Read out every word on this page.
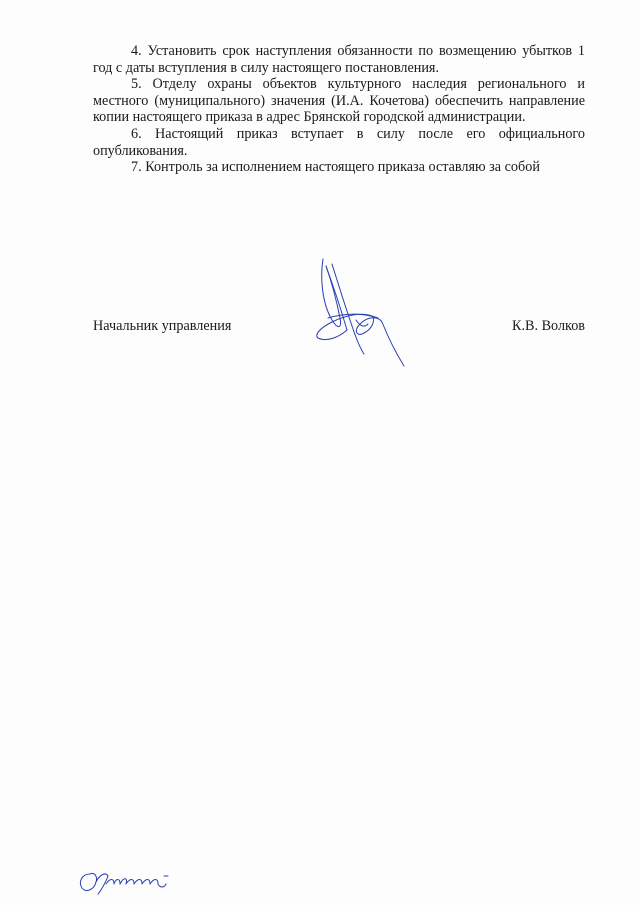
4. Установить срок наступления обязанности по возмещению убытков 1 год с даты вступления в силу настоящего постановления.

5. Отделу охраны объектов культурного наследия регионального и местного (муниципального) значения (И.А. Кочетова) обеспечить направление копии настоящего приказа в адрес Брянской городской администрации.

6. Настоящий приказ вступает в силу после его официального опубликования.

7. Контроль за исполнением настоящего приказа оставляю за собой

Начальник управления	К.В. Волков
